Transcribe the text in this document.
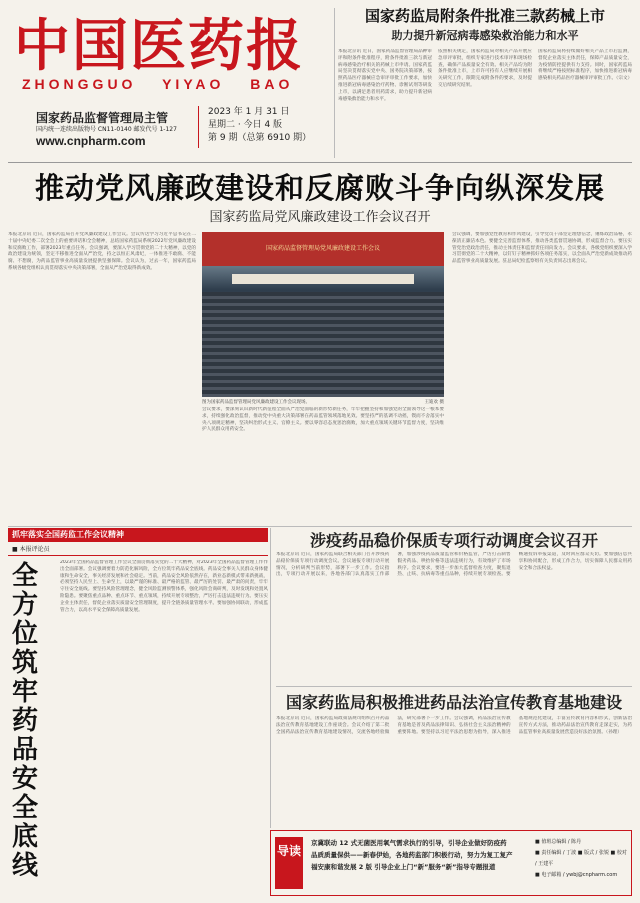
中国医药报
ZHONGGUO YIYAO BAO
国家药品监督管理局主管
国内统一连续出版物号 CN11-0140 邮发代号 1-127
www.cnpharm.com
2023 年 1 月 31 日
星期二 · 今日 4 版
第 9 期（总第 6910 期）
国家药监局附条件批准三款药械上市
助力提升新冠病毒感染救治能力和水平
本报北京讯 近日，国家药品监督管理局品种审评和附条件批准程序，附条件批准三款与新冠病毒感染治疗相关的药械上市申请。国家药监局坚决贯彻落实党中央、国务院决策部署，按照药品医疗器械应急审评审批工作要求，加快推进新冠病毒感染治疗药物、诊断试剂等研发上市，以满足患者用药需求，助力提升新冠病毒感染救治能力和水平。
依照相关规定，国家药监局对相关产品开展应急审评审批，组织专家进行技术审评和现场检查，确保产品质量安全有效。相关产品均为附条件批准上市，上市许可持有人应继续开展相关研究工作，限期完成附条件的要求，及时提交后续研究结果。
国家药监局将持续做好相关产品上市后监测，督促企业落实主体责任，保障产品质量安全，为疫情防控提供有力支持。同时，国家药监局将继续严格按照标准程序，加快推进新冠病毒感染相关药品医疗器械审评审批工作。（宗文）
推动党风廉政建设和反腐败斗争向纵深发展
国家药监局党风廉政建设工作会议召开
本报北京讯 近日，国家药监局召开党风廉政建设工作会议。会议传达学习习近平总书记在二十届中央纪委二次全会上的重要讲话和全会精神，总结国家药监局系统2022年党风廉政建设和反腐败工作，部署2023年重点任务。会议强调，要深入学习贯彻党的二十大精神，以党的政治建设为统领，坚定不移推进全面从严治党，持之以恒正风肃纪，一体推进不敢腐、不能腐、不想腐，为药品监管事业高质量发展提供坚强保障。会议认为，过去一年，国家药监局系统各级党组织认真贯彻落实中央决策部署，全面从严治党取得新成效。
国家药品监督管理局党风廉政建设工作会议
图为国家药品监督管理局党风廉政建设工作会议现场。	王迪欢 摄
会议要求，要深刻认识新时代新征程全面从严治党面临的新形势新任务，牢牢把握坚持和加强党的全面领导这一根本要求，持续强化政治监督，推动党中央重大决策部署在药品监管领域落地见效。要坚持严的基调不动摇，锲而不舍落实中央八项规定精神，坚决纠治形式主义、官僚主义。要以零容忍态度惩治腐败，加大重点领域关键环节监督力度，坚决维护人民群众用药安全。
会议强调，要加强党性教育和作风建设，引导党员干部坚定理想信念，锤炼政治品格，永葆清正廉洁本色。要健全完善监督体系，推动各类监督贯通协调，形成监督合力。要压实管党治党政治责任，推动主体责任和监督责任同向发力。会议要求，各级党组织要深入学习贯彻党的二十大精神，以钉钉子精神抓好各项任务落实，以全面从严治党新成效推动药品监管事业高质量发展。驻总局纪检监察组有关负责同志出席会议。
抓牢落实全国药监工作会议精神
■ 本报评论员
全方位筑牢药品安全底线
2023年全国药品监督管理工作会议全面贯彻落实党的二十大精神，对2023年全国药品监督管理工作作出全面部署。会议强调要着力防范化解风险，全方位筑牢药品安全底线。药品安全事关人民群众身体健康和生命安全，事关经济发展和社会稳定。当前，药品安全风险依然存在，新业态新模式带来新挑战，必须坚持人民至上、生命至上，以最严谨的标准、最严格的监管、最严厉的处罚、最严肃的问责，牢牢守住安全底线。要坚持风险管理理念，健全风险监测预警体系，强化风险会商研判，及时发现和处置风险隐患。要聚焦重点品种、重点环节、重点领域，持续开展专项整治，严厉打击违法违规行为。要压实企业主体责任，督促企业落实质量安全管理制度，提升全链条质量管理水平。要加强协同联动，形成监管合力，以高水平安全保障高质量发展。
涉疫药品稳价保质专项行动调度会议召开
本报北京讯 近日，国家药监局联合相关部门召开涉疫药品稳价保质专项行动调度会议。会议通报专项行动开展情况，分析研判当前形势，部署下一步工作。会议指出，专项行动开展以来，各地各部门认真落实工作部署，加强涉疫药品质量监管和价格监管，严厉打击制售假劣药品、哄抬价格等违法违规行为，有效维护了市场秩序。会议要求，要进一步加大监督检查力度，聚焦退热、止咳、抗病毒等重点品种，持续开展专项检查。要畅通投诉举报渠道，及时回应群众关切。要加强信息共享和协同配合，形成工作合力，切实保障人民群众用药安全和合法权益。
国家药监局积极推进药品法治宣传教育基地建设
本报北京讯 近日，国家药监局政策法规司组织召开药品法治宣传教育基地建设工作座谈会。会议介绍了第二批全国药品法治宣传教育基地建设情况，交流各地经验做法，研究部署下一步工作。会议强调，药品法治宣传教育基地是普及药品法律知识、弘扬社会主义法治精神的重要阵地。要坚持以习近平法治思想为指导，深入推进基地规范化建设，丰富宣传教育内容和形式，创新法治宣传方式方法，推动药品法治宣传教育走深走实，为药品监管事业高质量发展营造良好法治氛围。（孙理）
导读
京冀联动 12 式无菌医用氧气需求执行的引导，引导企业做好防疫药
品质质量保供——新春伊始，各地药监部门积极行动，努力为复工复产
福安康和谐发展 2 版 引导企业上门“新”服务“新”指导专题报道
■ 值班总编辑 / 陈丹
■ 责任编辑 / 丁波 ■ 版式 / 张锐 ■ 校对 / 王建平
■ 电子邮箱 / ywbj@cnpharm.com
